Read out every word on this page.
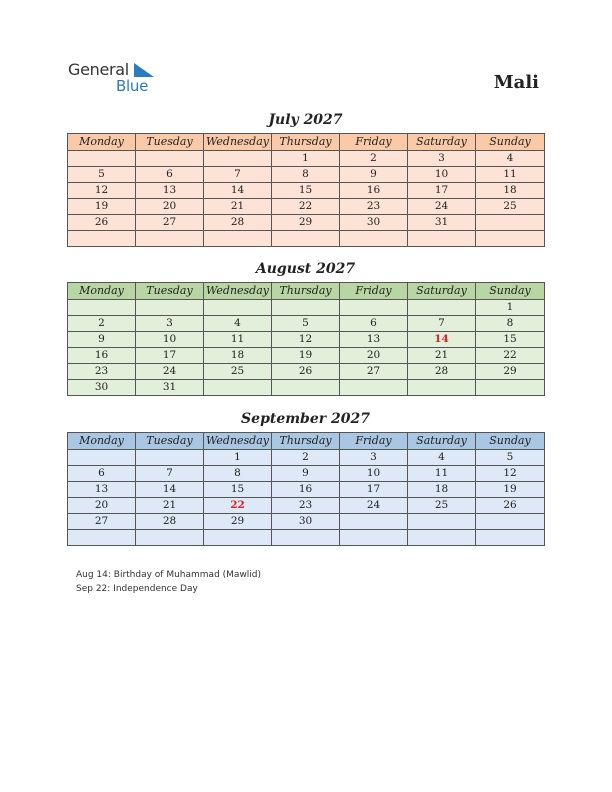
General
Blue	Mali
July 2027
Monday	Tuesday	Wednesday	Thursday	Friday	Saturday	Sunday
			1	2	3	4
5	6	7	8	9	10	11
12	13	14	15	16	17	18
19	20	21	22	23	24	25
26	27	28	29	30	31	

August 2027
Monday	Tuesday	Wednesday	Thursday	Friday	Saturday	Sunday
						1
2	3	4	5	6	7	8
9	10	11	12	13	14	15
16	17	18	19	20	21	22
23	24	25	26	27	28	29
30	31					
September 2027
Monday	Tuesday	Wednesday	Thursday	Friday	Saturday	Sunday
		1	2	3	4	5
6	7	8	9	10	11	12
13	14	15	16	17	18	19
20	21	22	23	24	25	26
27	28	29	30			

Aug 14: Birthday of Muhammad (Mawlid)
Sep 22: Independence Day
